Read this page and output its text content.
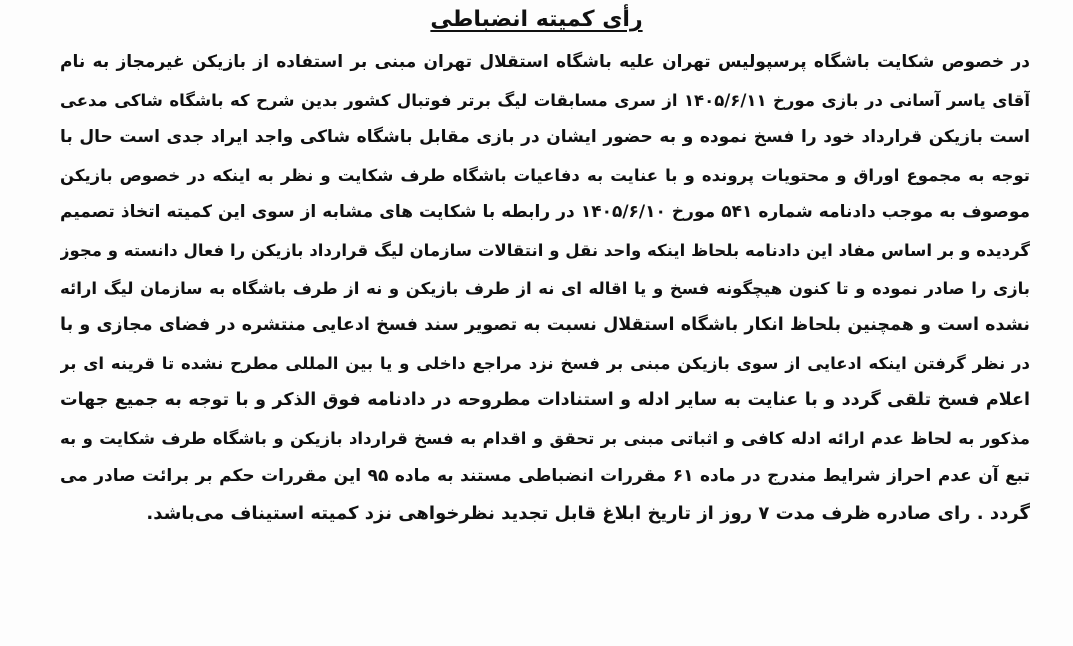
رأی کمیته انضباطی
در خصوص شکایت باشگاه پرسپولیس تهران علیه باشگاه استقلال تهران مبنی بر استفاده از بازیکن غیرمجاز به نام
آقای یاسر آسانی در بازی مورخ ۱۴۰۵/۶/۱۱ از سری مسابقات لیگ برتر فوتبال کشور بدین شرح که باشگاه شاکی مدعی
است بازیکن قرارداد خود را فسخ نموده و به حضور ایشان در بازی مقابل باشگاه شاکی واجد ایراد جدی است حال با
توجه به مجموع اوراق و محتویات پرونده و با عنایت به دفاعیات باشگاه طرف شکایت و نظر به اینکه در خصوص بازیکن
موصوف به موجب دادنامه شماره ۵۴۱ مورخ ۱۴۰۵/۶/۱۰ در رابطه با شکایت های مشابه از سوی این کمیته اتخاذ تصمیم
گردیده و بر اساس مفاد این دادنامه بلحاظ اینکه واحد نقل و انتقالات سازمان لیگ قرارداد بازیکن را فعال دانسته و مجوز
بازی را صادر نموده و تا کنون هیچگونه فسخ و یا اقاله ای نه از طرف بازیکن و نه از طرف باشگاه به سازمان لیگ ارائه
نشده است و همچنین بلحاظ انکار باشگاه استقلال نسبت به تصویر سند فسخ ادعایی منتشره در فضای مجازی و با
در نظر گرفتن اینکه ادعایی از سوی بازیکن مبنی بر فسخ نزد مراجع داخلی و یا بین المللی مطرح نشده تا قرینه ای بر
اعلام فسخ تلقی گردد و با عنایت به سایر ادله و استنادات مطروحه در دادنامه فوق الذکر و با توجه به جمیع جهات
مذکور به لحاظ عدم ارائه ادله کافی و اثباتی مبنی بر تحقق و اقدام به فسخ قرارداد بازیکن و باشگاه طرف شکایت و به
تبع آن عدم احراز شرایط مندرج در ماده ۶۱ مقررات انضباطی مستند به ماده ۹۵ این مقررات حکم بر برائت صادر می
گردد . رای صادره ظرف مدت ۷ روز از تاریخ ابلاغ قابل تجدید نظرخواهی نزد کمیته استیناف می‌باشد.
